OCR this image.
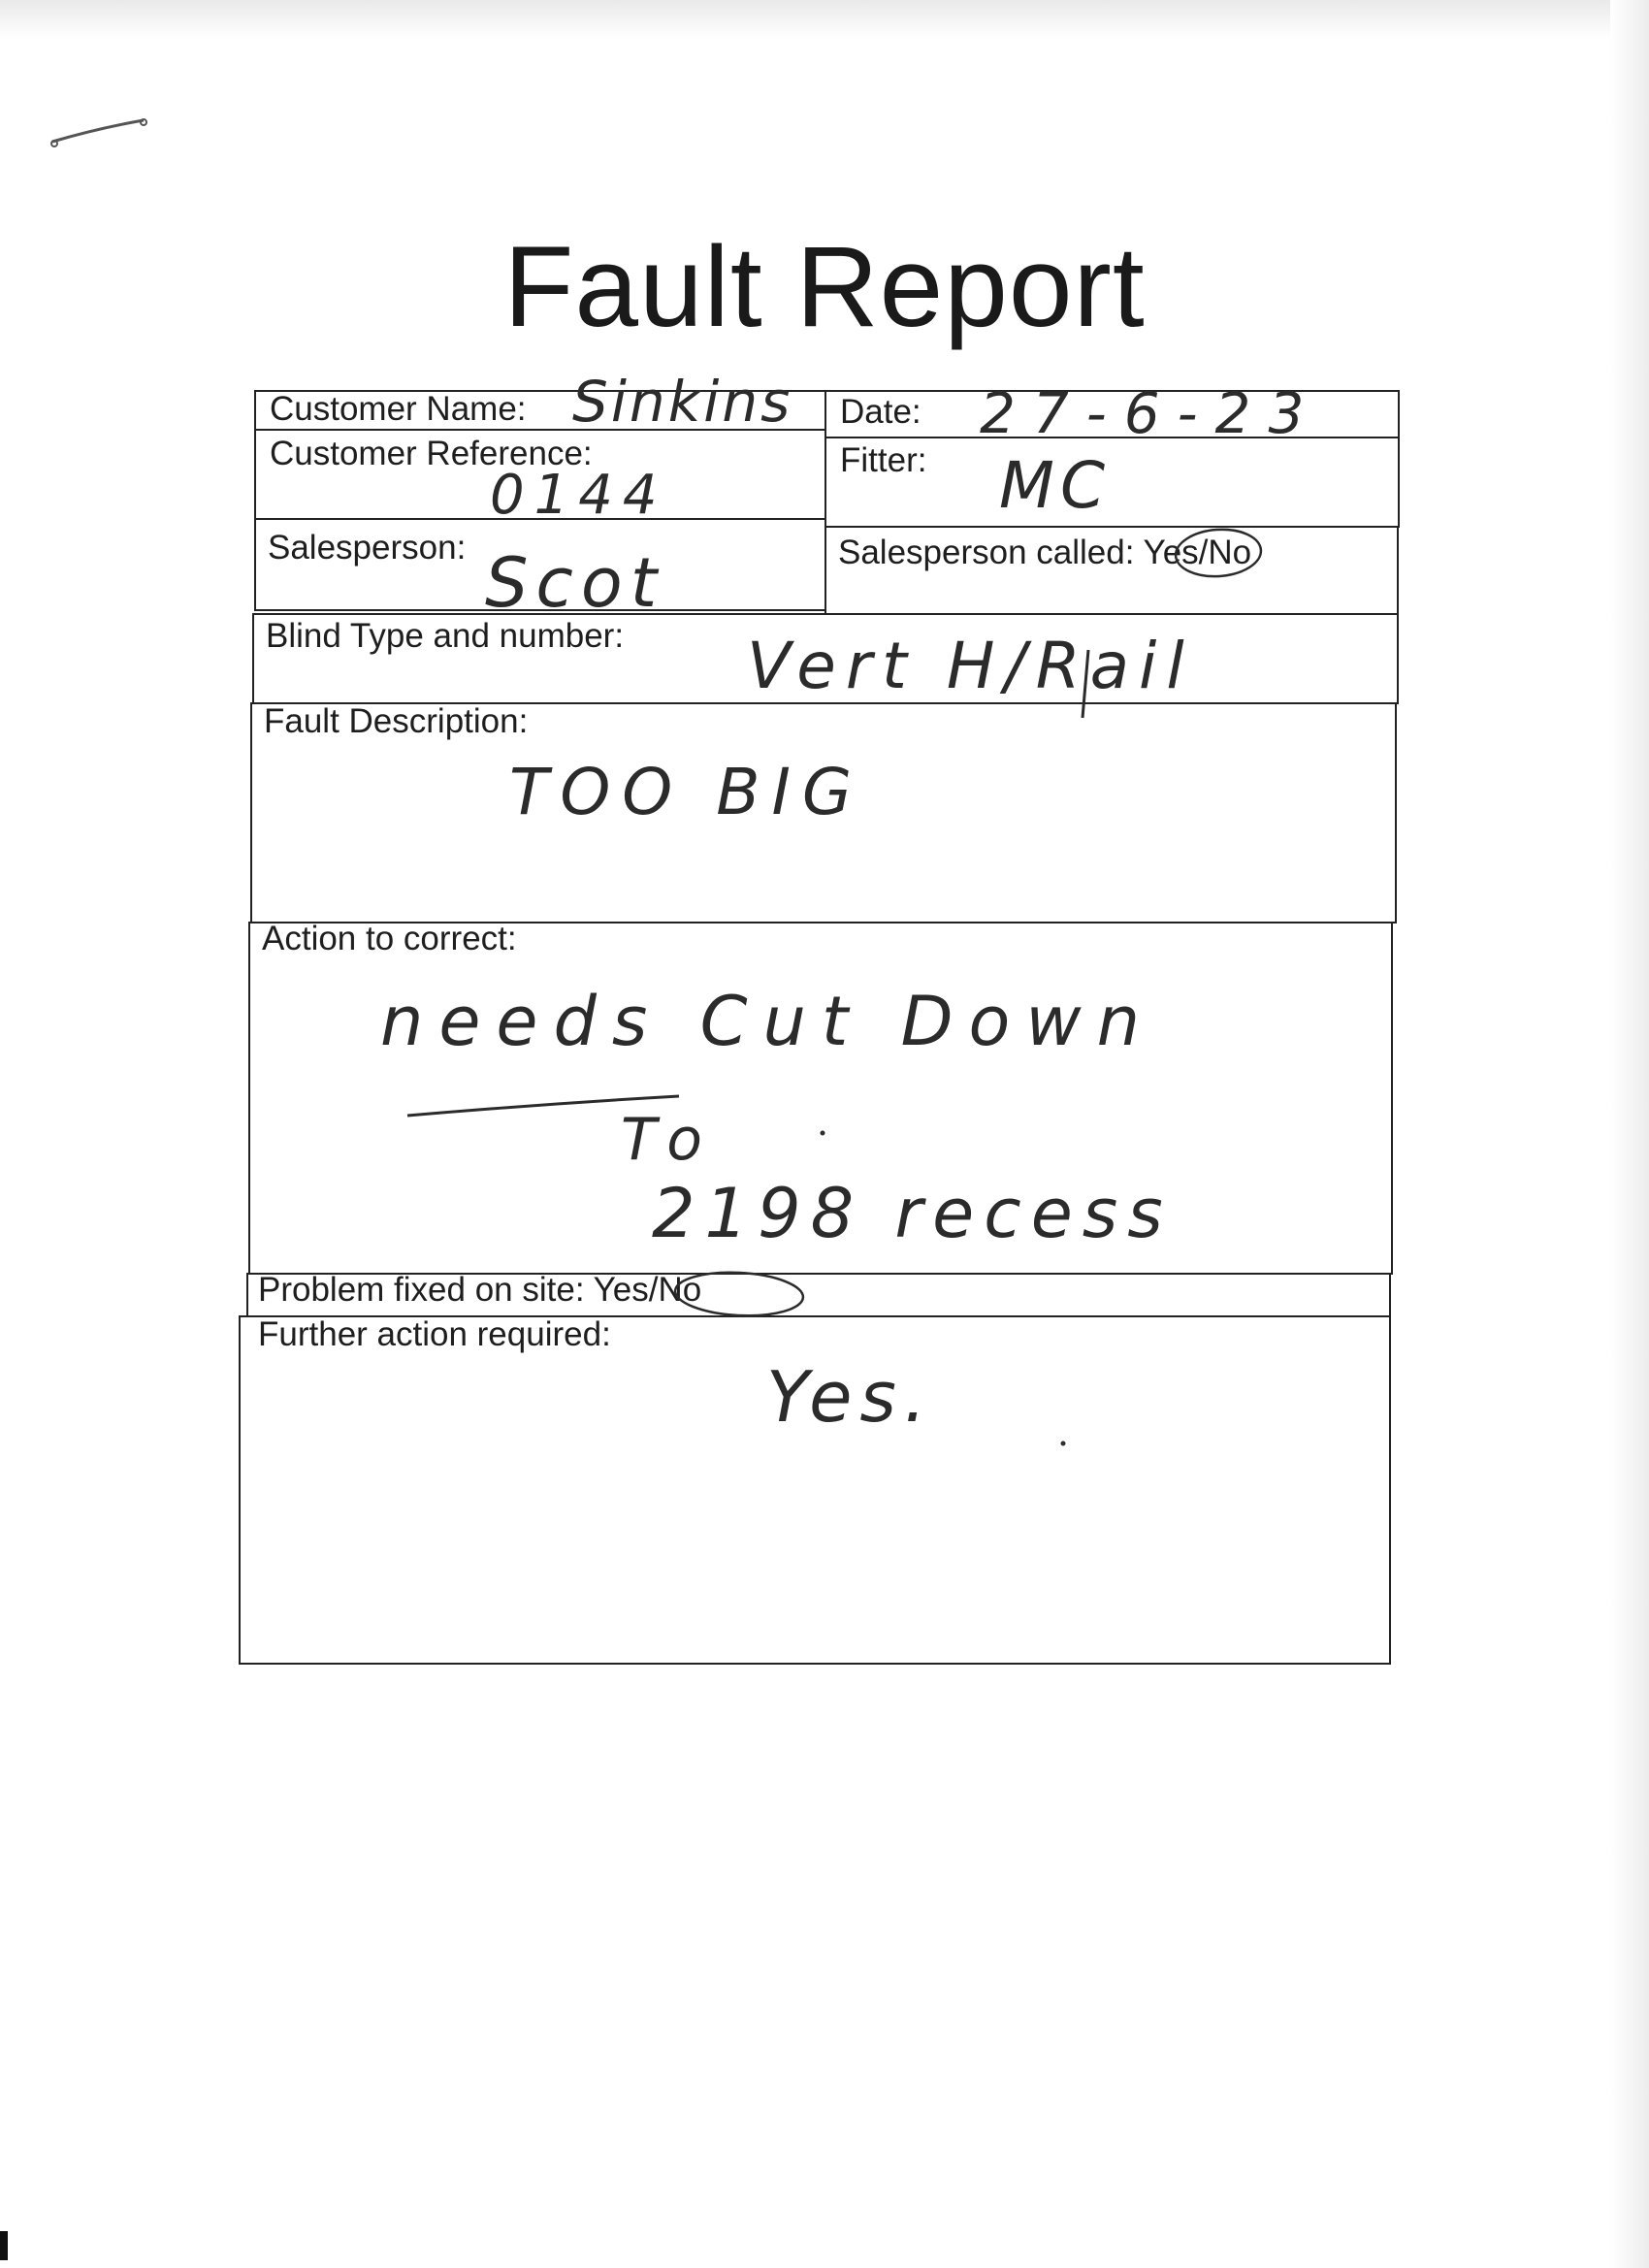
Fault Report
Customer Name: Sinkins Date: 27-6-23
Customer Reference:
0144
Fitter: MC
Salesperson: Scot	Salesperson called: Yes/No
Blind Type and number: Vert H/Rail
Fault Description:
TOO BIG
Action to correct:
needs Cut Down
To
2198 recess
Problem fixed on site: Yes/No
Further action required:
Yes.
